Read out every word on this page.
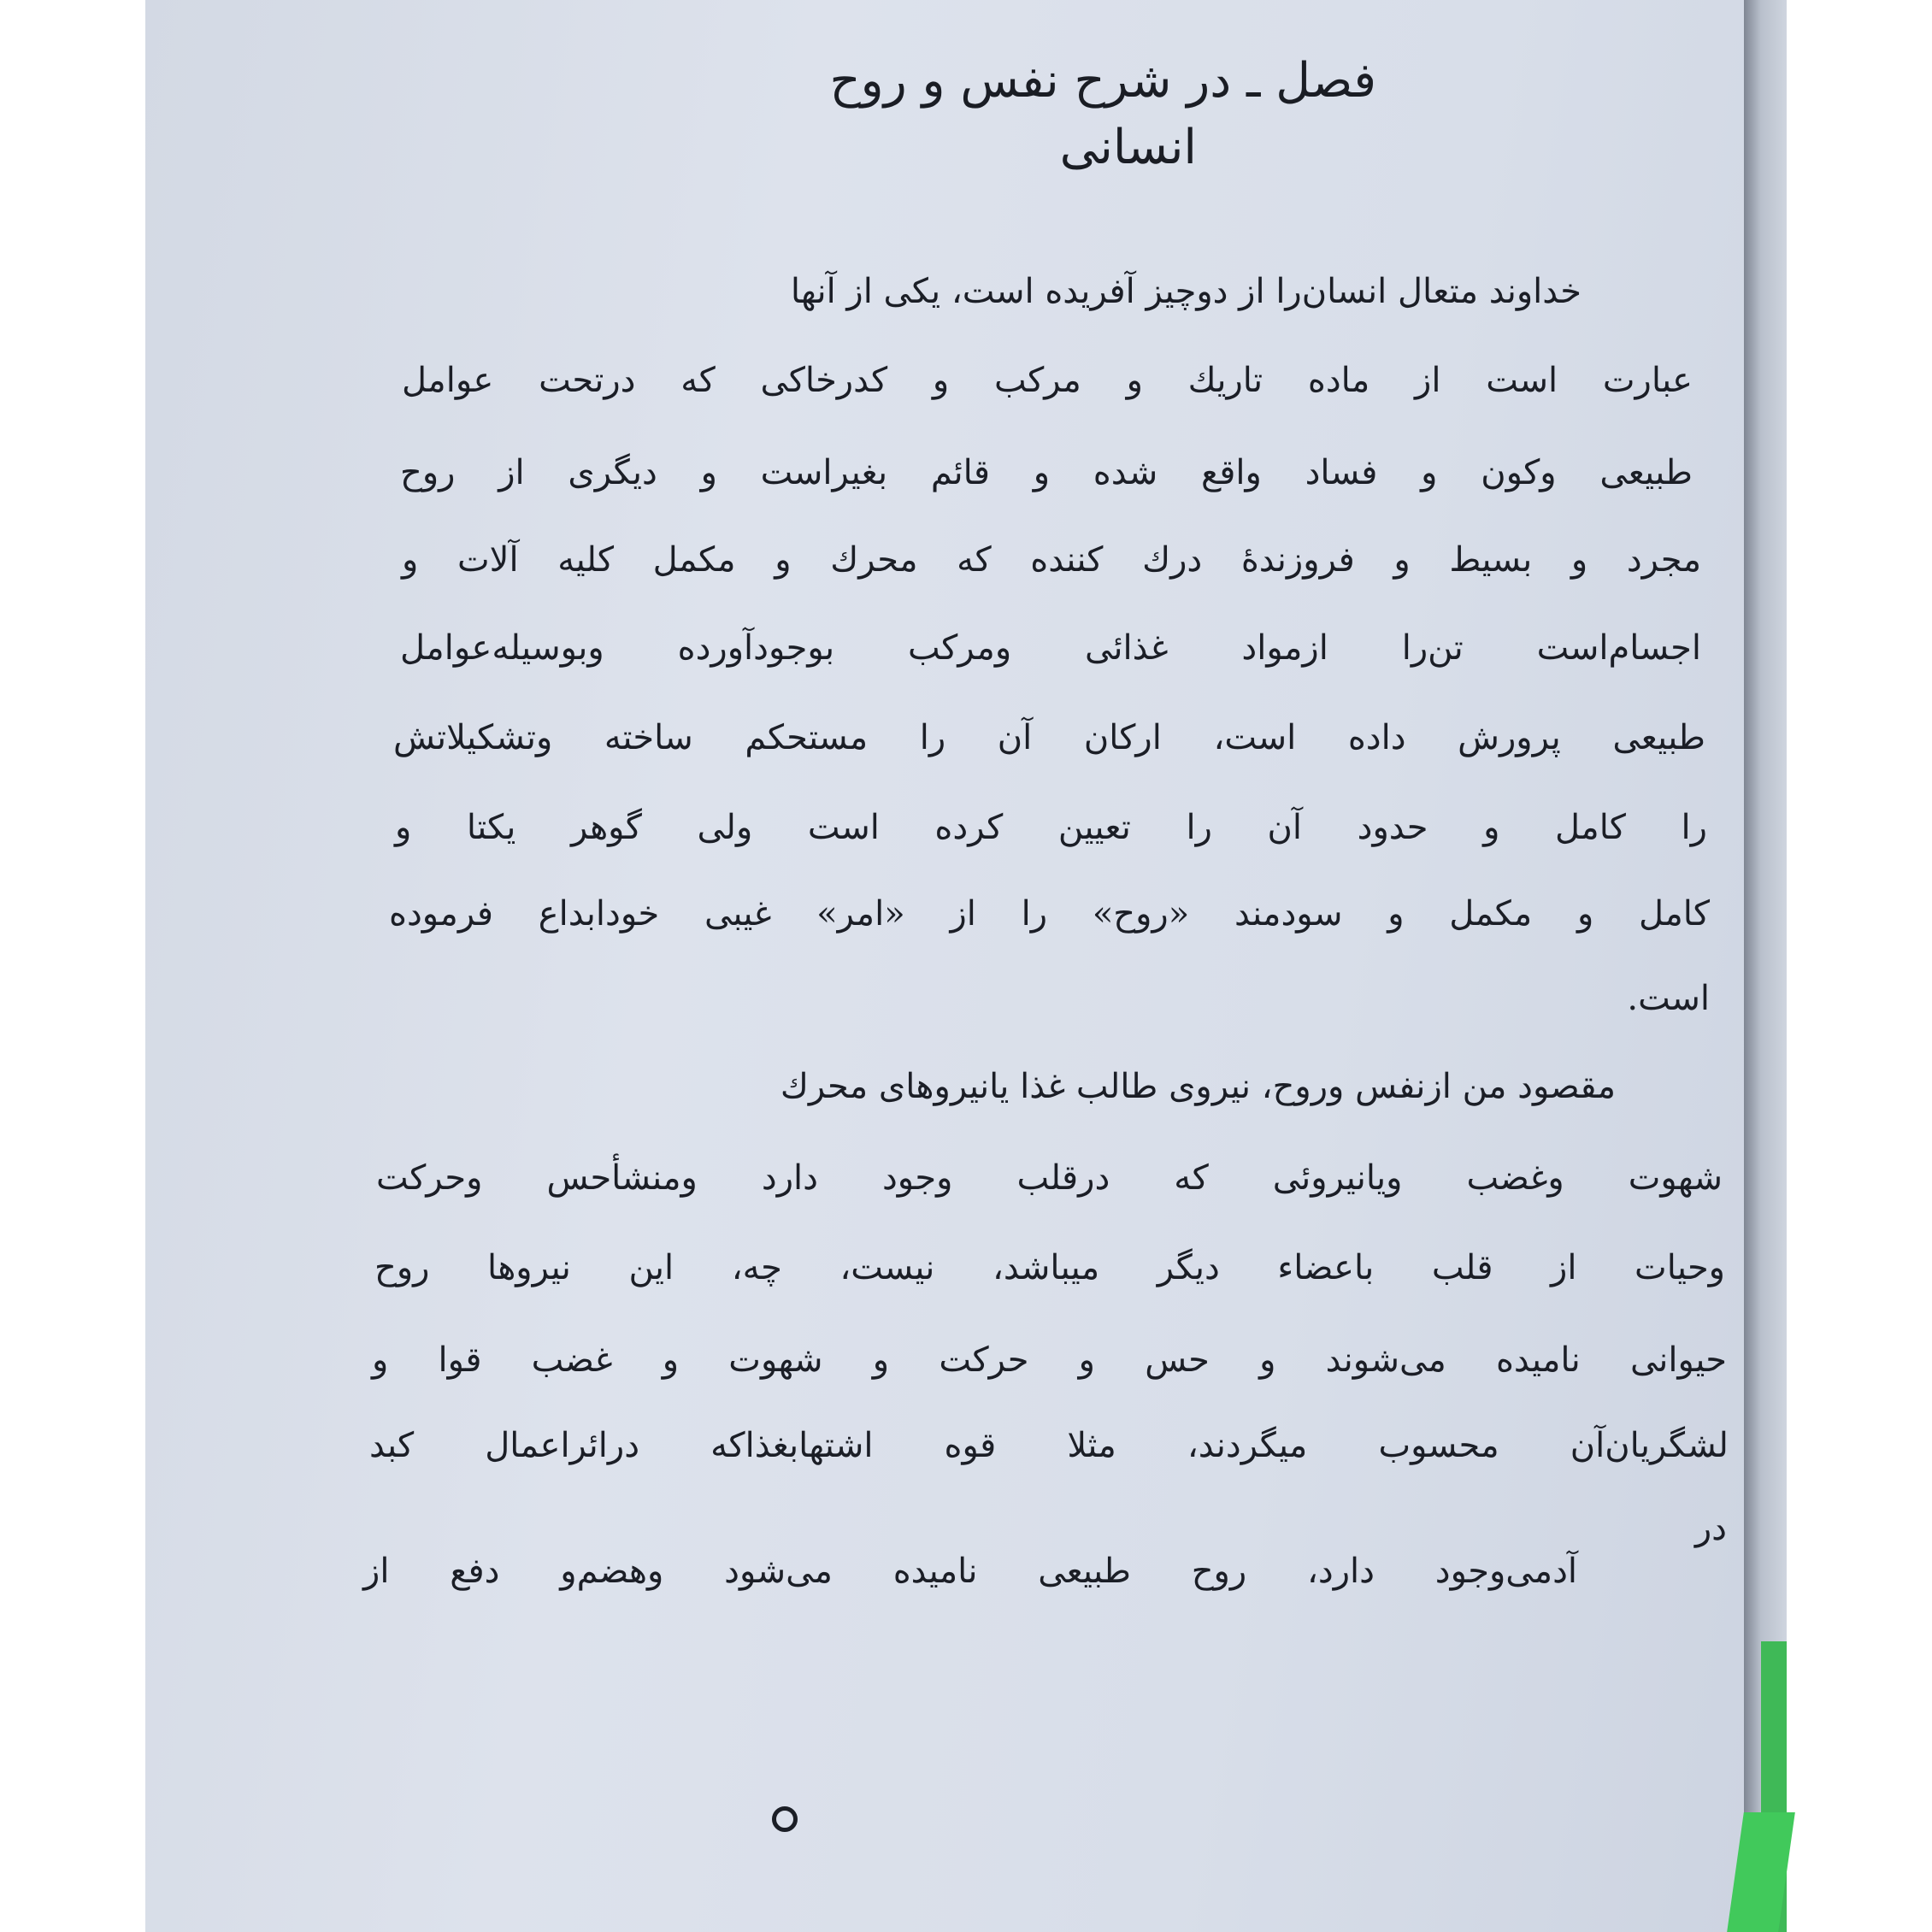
فصل ـ در شرح نفس و روح
انسانی
خداوند متعال انسان‌را از دوچیز آفریده است، یکی از آنها
عبارت است از ماده تاریك و مرکب و کدرخاکی که درتحت عوامل
طبیعی وکون و فساد واقع شده و قائم بغیراست و دیگری از روح
مجرد و بسیط و فروزندهٔ درك کننده که محرك و مکمل کلیه آلات و
اجسام‌است تن‌را ازمواد غذائی ومرکب بوجودآورده وبوسیله‌عوامل
طبیعی پرورش داده است، ارکان آن را مستحکم ساخته وتشکیلاتش
را کامل و حدود آن را تعیین کرده است ولی گوهر یکتا و
کامل و مکمل و سودمند «روح» را از «امر» غیبی خودابداع فرموده
است.
مقصود من ازنفس وروح، نیروی طالب غذا یانیروهای محرك
شهوت وغضب ویانیروئی که درقلب وجود دارد ومنشأحس وحرکت
وحیات از قلب باعضاء دیگر میباشد، نیست، چه، این نیروها روح
حیوانی نامیده می‌شوند و حس و حرکت و شهوت و غضب قوا و
لشگریان‌آن محسوب میگردند، مثلا قوه اشتهابغذاکه درائراعمال کبد
در
آدمی‌وجود دارد، روح طبیعی نامیده می‌شود وهضم‌و دفع از
